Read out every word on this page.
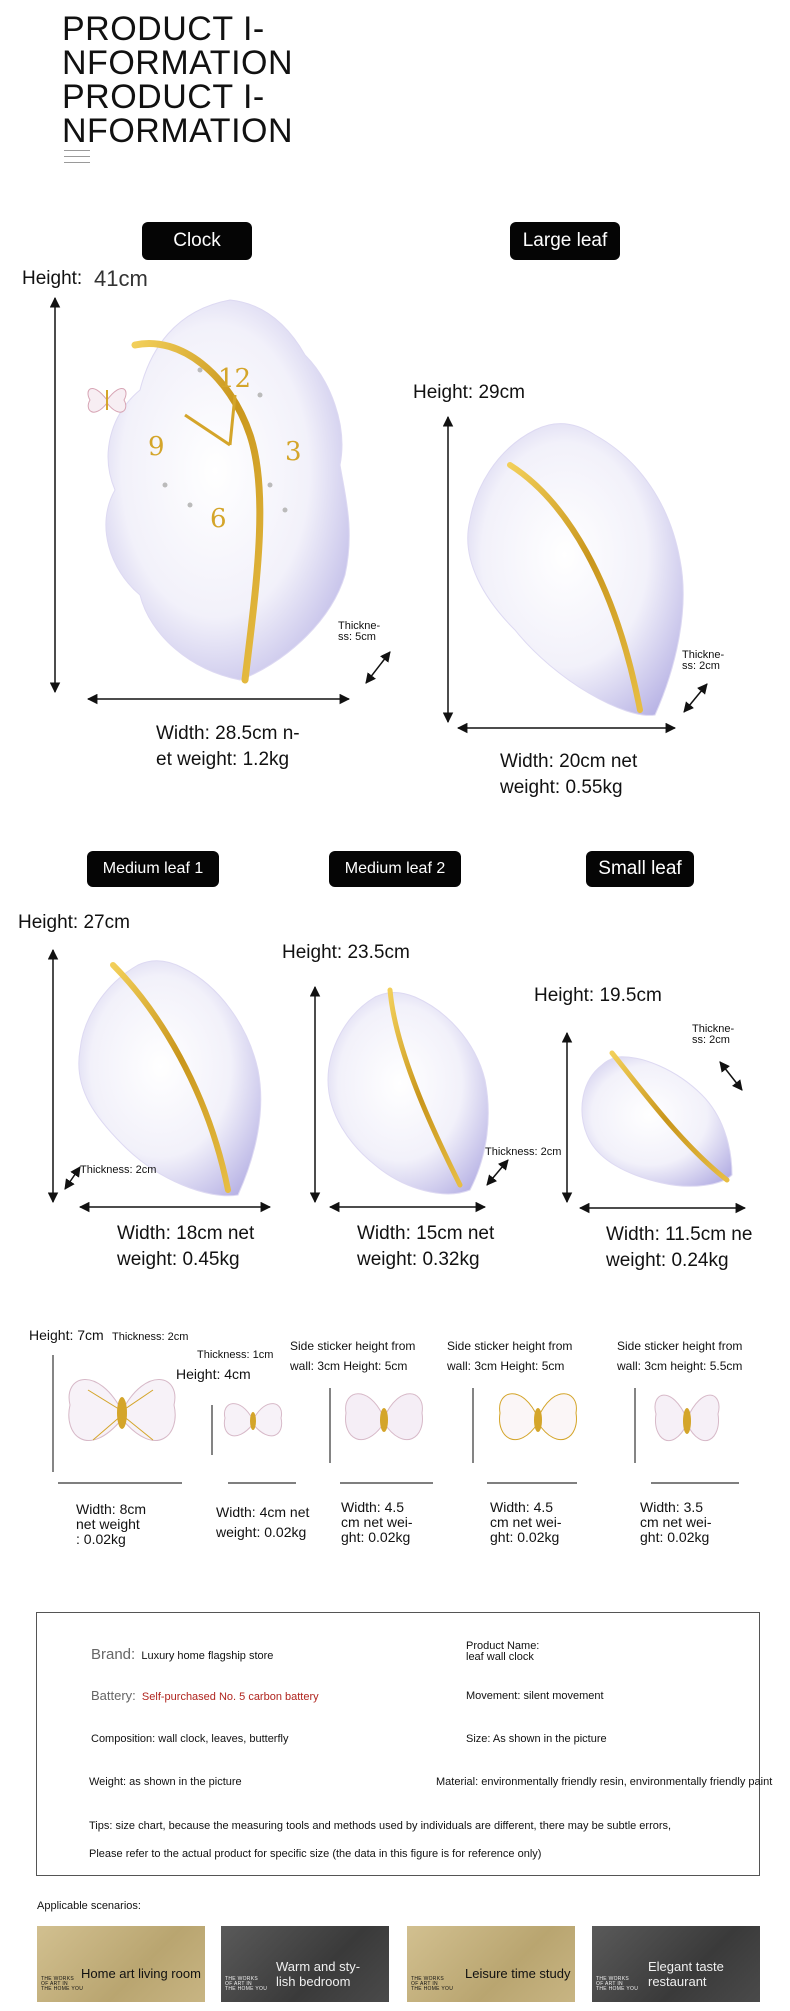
PRODUCT I-
NFORMATION
PRODUCT I-
NFORMATION
Clock	Large leaf
Height: 41cm
12
9	3
6
Thickne-
ss: 5cm
Width: 28.5cm n-
et weight: 1.2kg
Height: 29cm
Thickne-
ss: 2cm
Width: 20cm net
weight: 0.55kg
Medium leaf 1	Medium leaf 2	Small leaf
Height: 27cm
Thickness: 2cm
Width: 18cm net
weight: 0.45kg
Height: 23.5cm
Thickness: 2cm
Width: 15cm net
weight: 0.32kg
Height: 19.5cm
Thickne-
ss: 2cm
Width: 11.5cm ne
weight: 0.24kg
Height: 7cm Thickness: 2cm
Thickness: 1cm
Height: 4cm
Side sticker height from
wall: 3cm Height: 5cm
Side sticker height from
wall: 3cm Height: 5cm
Side sticker height from
wall: 3cm height: 5.5cm
Width: 8cm
net weight
: 0.02kg
Width: 4cm net
weight: 0.02kg
Width: 4.5
cm net wei-
ght: 0.02kg
Width: 4.5
cm net wei-
ght: 0.02kg
Width: 3.5
cm net wei-
ght: 0.02kg
Brand: Luxury home flagship store
Product Name:
leaf wall clock
Battery: Self-purchased No. 5 carbon battery	Movement: silent movement
Composition: wall clock, leaves, butterfly	Size: As shown in the picture
Weight: as shown in the picture	Material: environmentally friendly resin, environmentally friendly paint
Tips: size chart, because the measuring tools and methods used by individuals are different, there may be subtle errors,
Please refer to the actual product for specific size (the data in this figure is for reference only)
Applicable scenarios:
THE WORKS
OF ART IN
THE HOME YOU
Home art living room	THE WORKS
OF ART IN
THE HOME YOU
Warm and sty-
lish bedroom	THE WORKS
OF ART IN
THE HOME YOU
Leisure time study	THE WORKS
OF ART IN
THE HOME YOU
Elegant taste
restaurant
